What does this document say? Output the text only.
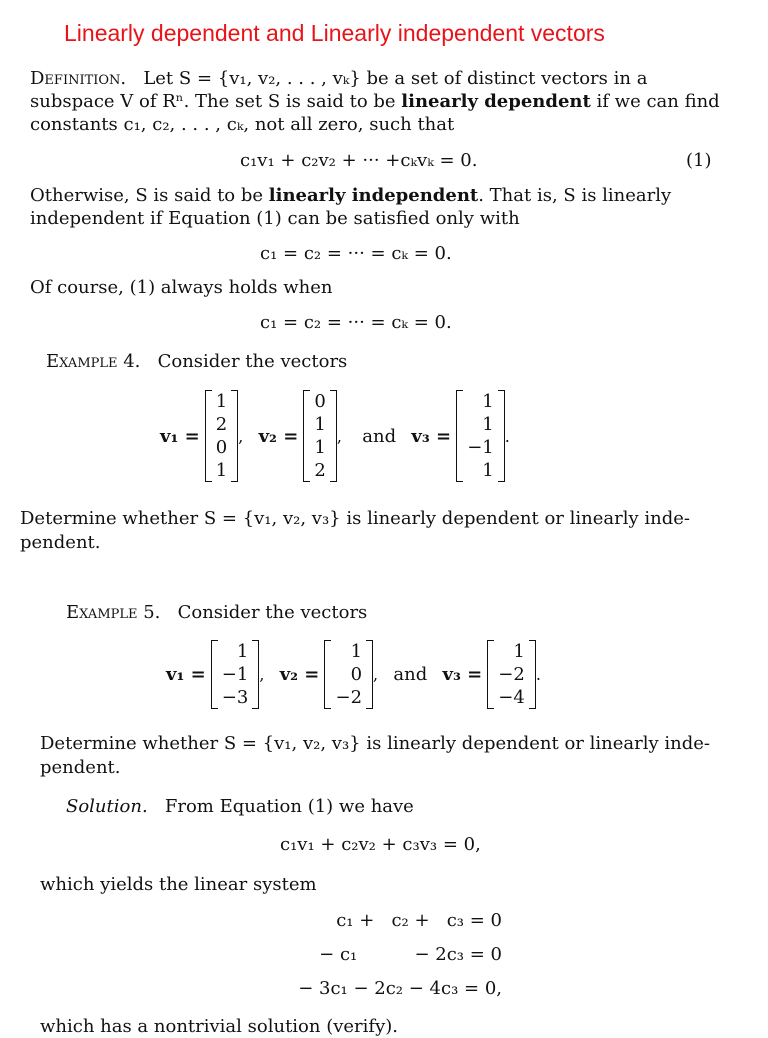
Linearly dependent and Linearly independent vectors
Definition. Let S = {v₁, v₂, . . . , vₖ} be a set of distinct vectors in a
subspace V of Rⁿ. The set S is said to be linearly dependent if we can find
constants c₁, c₂, . . . , cₖ, not all zero, such that
c₁v₁ + c₂v₂ + ··· +cₖvₖ = 0.	(1)
Otherwise, S is said to be linearly independent. That is, S is linearly
independent if Equation (1) can be satisfied only with
c₁ = c₂ = ··· = cₖ = 0.
Of course, (1) always holds when
c₁ = c₂ = ··· = cₖ = 0.
Example 4. Consider the vectors
v₁ =

1
2
0
1
, v₂ =

0
1
1
2
, and
v₃ =

1
1
−1
1
.
Determine whether S = {v₁, v₂, v₃} is linearly dependent or linearly inde-
pendent.
Example 5. Consider the vectors
v₁ =

1
−1
−3
, v₂ =

1
0
−2
, and
v₃ =

1
−2
−4
.
Determine whether S = {v₁, v₂, v₃} is linearly dependent or linearly inde-
pendent.
Solution. From Equation (1) we have
c₁v₁ + c₂v₂ + c₃v₃ = 0,
which yields the linear system
c₁ +   c₂ +   c₃ = 0
− c₁          − 2c₃ = 0
− 3c₁ − 2c₂ − 4c₃ = 0,
which has a nontrivial solution (verify).
